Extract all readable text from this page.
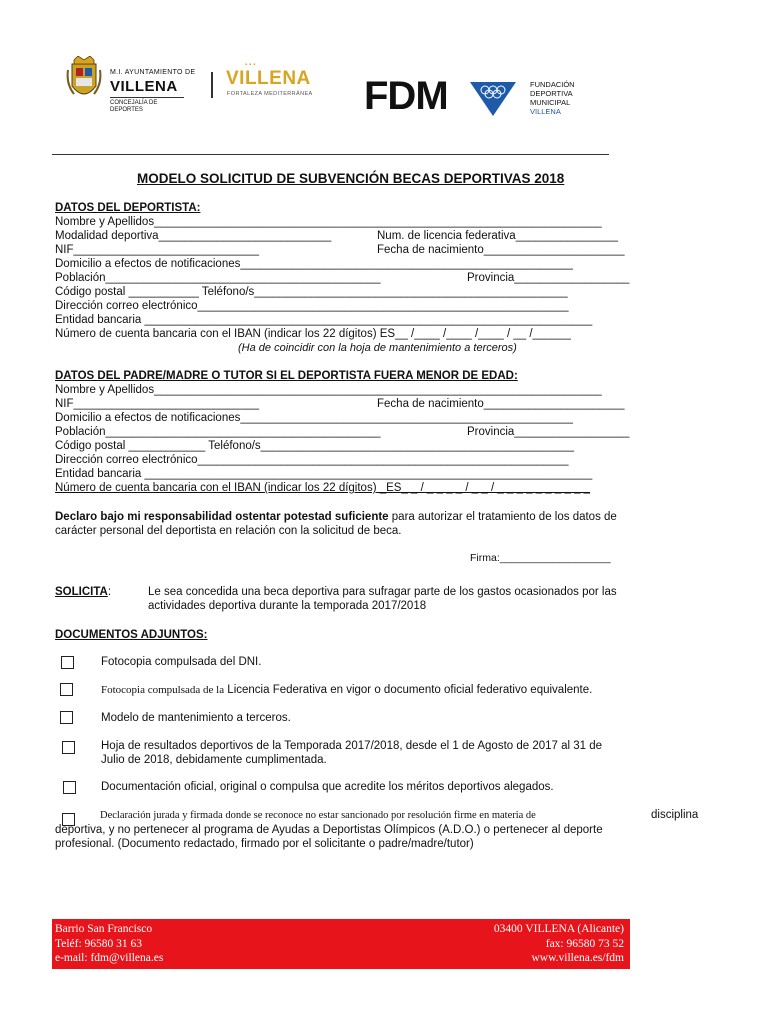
M.I. AYUNTAMIENTO DE
VILLENA
CONCEJALÍA DE
DEPORTES
▪▪▪
VILLENA
FORTALEZA MEDITERRÁNEA FDM	FUNDACIÓN
DEPORTIVA
MUNICIPAL
VILLENA
MODELO SOLICITUD DE SUBVENCIÓN BECAS DEPORTIVAS 2018
DATOS DEL DEPORTISTA:
Nombre y Apellidos______________________________________________________________________
Modalidad deportiva___________________________	Num. de licencia federativa________________
NIF_____________________________	Fecha de nacimiento______________________
Domicilio a efectos de notificaciones____________________________________________________
Población___________________________________________	Provincia__________________
Código postal ___________ Teléfono/s_________________________________________________
Dirección correo electrónico__________________________________________________________
Entidad bancaria ______________________________________________________________________
Número de cuenta bancaria con el IBAN (indicar los 22 dígitos) ES__ /____ /____ /____ / __ /______
(Ha de coincidir con la hoja de mantenimiento a terceros)
DATOS DEL PADRE/MADRE O TUTOR SI EL DEPORTISTA FUERA MENOR DE EDAD:
Nombre y Apellidos______________________________________________________________________
NIF_____________________________	Fecha de nacimiento______________________
Domicilio a efectos de notificaciones____________________________________________________
Población___________________________________________	Provincia__________________
Código postal ____________ Teléfono/s_________________________________________________
Dirección correo electrónico__________________________________________________________
Entidad bancaria ______________________________________________________________________
Número de cuenta bancaria con el IBAN (indicar los 22 dígitos) _ES_ _ / _ _ _ _ / _ _ / _ _ _ _ _ _ _ _ _ _
Declaro bajo mi responsabilidad ostentar potestad suficiente para autorizar el tratamiento de los datos de
carácter personal del deportista en relación con la solicitud de beca.
Firma:___________________
SOLICITA:	Le sea concedida una beca deportiva para sufragar parte de los gastos ocasionados por las
actividades deportiva durante la temporada 2017/2018
DOCUMENTOS ADJUNTOS:
Fotocopia compulsada del DNI.
Fotocopia compulsada de la Licencia Federativa en vigor o documento oficial federativo equivalente.
Modelo de mantenimiento a terceros.
Hoja de resultados deportivos de la Temporada 2017/2018, desde el 1 de Agosto de 2017 al 31 de
Julio de 2018, debidamente cumplimentada.
Documentación oficial, original o compulsa que acredite los méritos deportivos alegados.
Declaración jurada y firmada donde se reconoce no estar sancionado por resolución firme en materia de	disciplina
deportiva, y no pertenecer al programa de Ayudas a Deportistas Olímpicos (A.D.O.) o pertenecer al deporte
profesional. (Documento redactado, firmado por el solicitante o padre/madre/tutor)
Barrio San Francisco
Teléf: 96580 31 63
e-mail: fdm@villena.es
03400 VILLENA (Alicante)
fax: 96580 73 52
www.villena.es/fdm
